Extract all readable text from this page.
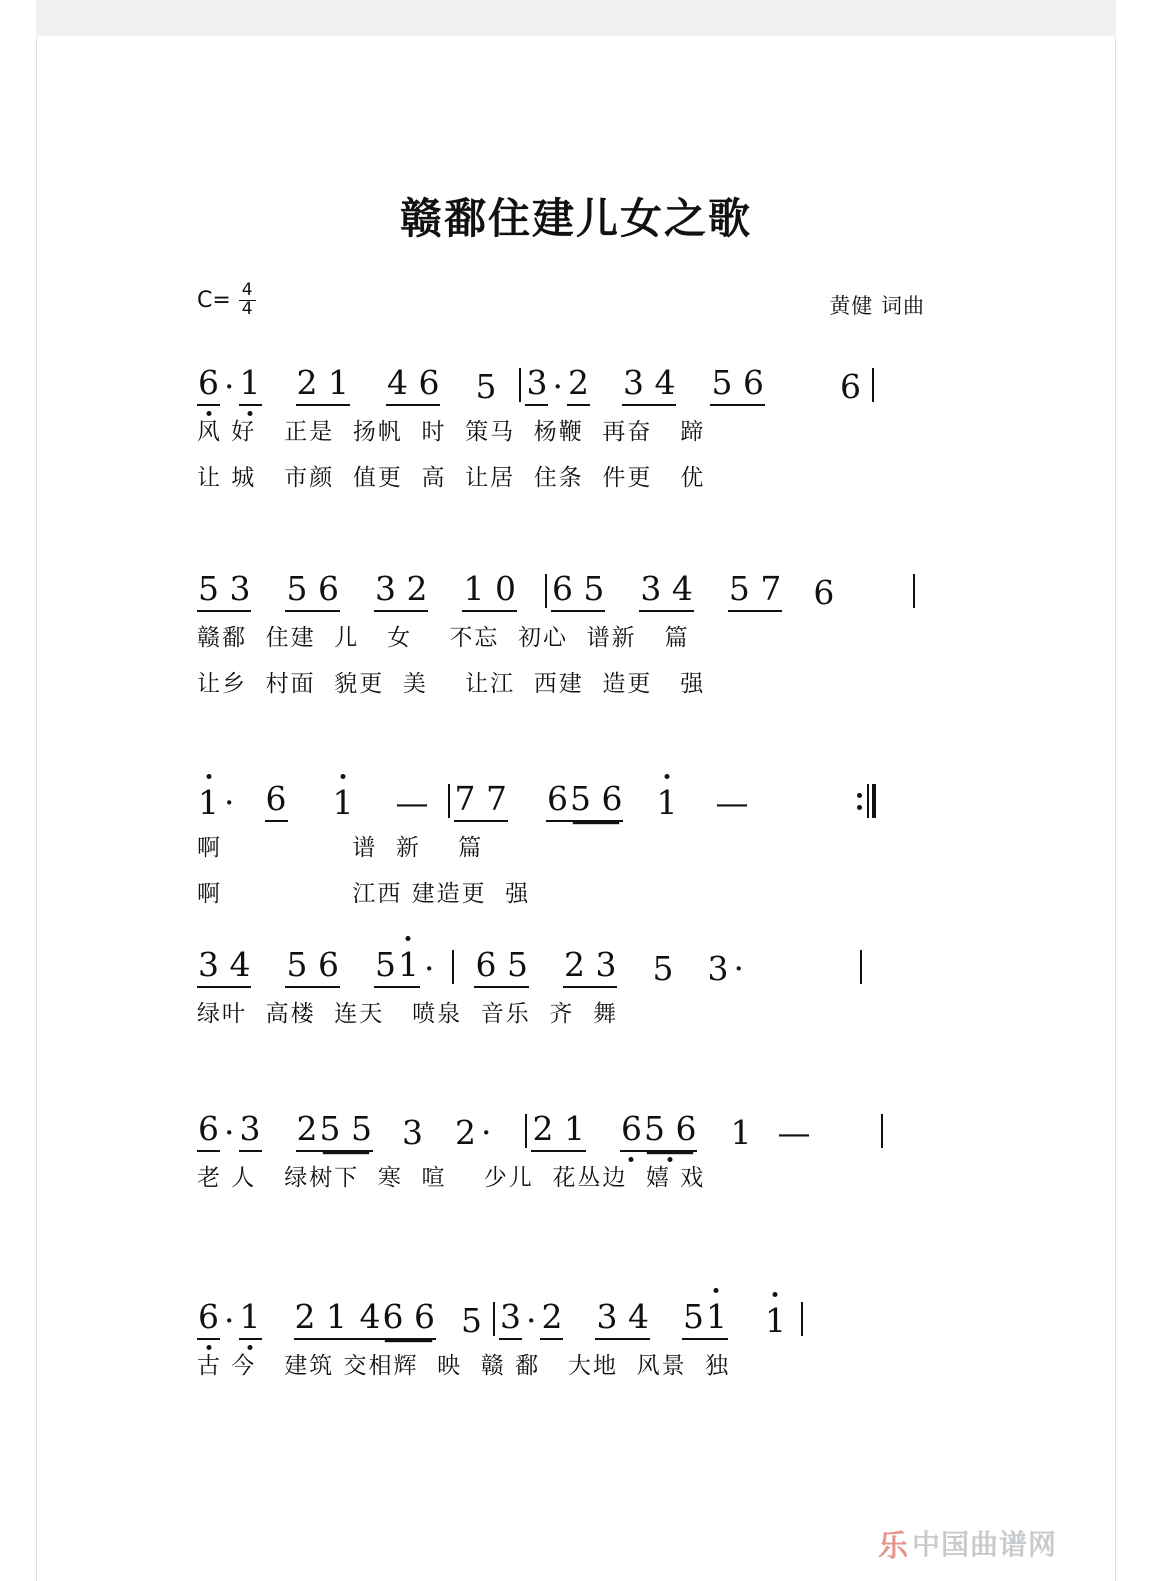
赣鄱住建儿女之歌
$C= \frac{4}{4}$	黄健 词曲
6 · 1 2 1 4 6 5 3 · 2 3 4 5 6 6
风 好   正是  扬帆  时  策马  杨鞭  再奋   蹄
让 城   市颜  值更  高  让居  住条  件更   优
5 3 5 6 3 2 1 0 6 5 3 4 5 7 6
赣鄱  住建  儿   女    不忘  初心  谱新   篇
让乡  村面  貌更  美    让江  西建  造更   强
1 · 6 1 — 7 7 6 5 6 1 —
啊              谱  新    篇
啊              江西 建造更  强
3 4 5 6 5 1 · 6 5 2 3 5 3 ·
绿叶  高楼  连天   喷泉  音乐  齐  舞
6 · 3 2 5 5 3 2 · 2 1 6 5 6 1 —
老 人   绿树下  寒  喧    少儿  花丛边  嬉 戏
6 · 1 2 1 4 6 6 5 3 · 2 3 4 5 1 1
古 今   建筑 交相辉  映  赣 鄱   大地  风景  独
乐 中国曲谱网
